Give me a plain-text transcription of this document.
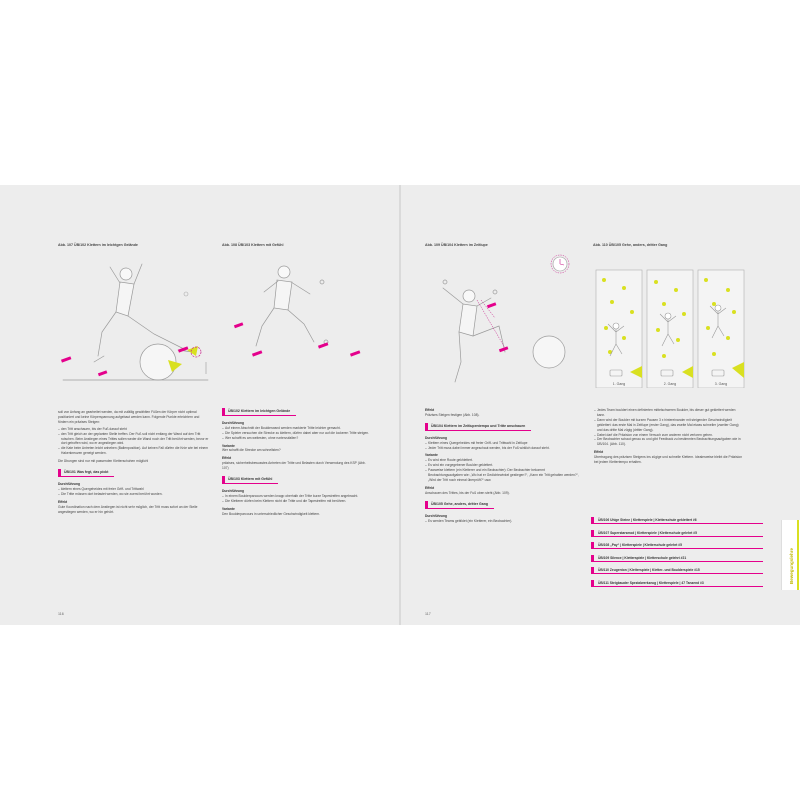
Abb. 107 ÜB/102 Klettern im leichtgen Gelände	Abb. 108 ÜB/103 Klettern mit Gefühl

soll von Anfang an gearbeitet werden, da mit zufällig gewählten Füßen der Körper nicht optimal positioniert und keine Körperspannung aufgebaut werden kann. Folgende Punkte erleichtern und fördern ein präzises Steigen:

– den Tritt anschauen, bis der Fuß darauf steht
– den Tritt gleich an der geplanten Stelle treffen. Der Fuß soll nicht entlang der Wand auf den Tritt rutschen. Beim Anstiegen eines Trittes sollen weder die Wand noch der Tritt berührt werden, bevor er dort getroffen wird, wo er angestiegen wird.
– die Kate beim Antreten leicht anheben (Ballenposition). Auf keinen Fall dürfen die Knie wie bei einem Hakenkreuzen geneigt werden.

Die Übungen sind nur mit passenden Kletterschuhen möglich!

ÜB/101 Was fegt, das pickt
Durchführung
– klettern eines Quergeheides mit freier Griff- und Trittwahl
– Die Tritte müssen dort belastet werden, wo sie zuerst berührt wurden.
Effekt

Gute Koordination nach dem Anstiegen ist nicht sehr möglich, der Tritt muss sofort an der Stelle angestiegen werden, wo er hin gehört.

ÜB/102 Klettern im leichtgen Gelände
Durchführung
– Auf einem Abschnitt der Boulderwand werden markierte Tritte leichter gemacht.
– Die Spieler versuchen die Strecke zu klettern, dürfen dabei aber nur auf die lockeren Tritte steigen.
– Wer schafft es am weitesten, ohne runterzufallen?
Variante

Wer schafft die Strecke am schnellsten?

Effekt

präzises, sicherheitsbewusstes Antreten der Tritte und Belasten durch Verwendung des KSP (Abb. 107)

ÜB/103 Klettern mit Gefühl
Durchführung
– In einem Boulderparcours werden knapp oberhalb der Tritte kurze Tapestreifen angebracht.
– Die Kletterer dürfen beim Klettern nicht die Tritte und die Tapestreifen mit berühren.
Variante

Den Boulderparcours in unterschiedlicher Geschwindigkeit klettern.

116
Abb. 109 ÜB/104 Klettern im Zeitlupe	Abb. 110 ÜB/105 Gehe, anders, dritter Gang
1. Gang	2. Gang	3. Gang
Effekt

Präzises Steigen festigen (Abb. 108).

ÜB/104 Klettern im Zeitlupentempo und Tritte anschauen
Durchführung
– Klettern eines Quergeheides mit freier Griff- und Trittwahl in Zeitlupe
– Jeder Tritt muss dabei immer angeschaut werden, bis der Fuß wirklich darauf steht.
Variante
– Es wird eine Route gekhlettert.
– Es wird ein vorgegebener Boulder geklettert.
– Paarweise klettern (ein Kletterer und ein Beobachter): Der Beobachter bekommt Beobachtungsaufgaben wie: „Wo hat er Gedichtewinkel gestiegen?“, „Kann ein Tritt gehalten werden?“, „Wird der Tritt noch einmal überprüft?“ usw.
Effekt

Anschauen des Trittes, bis der Fuß oben steht (Abb. 109).

ÜB/105 Gehe, anders, dritter Gang
Durchführung
– Es werden Teams gebildet (ein Kletterer, ein Beobachter).
– Jedes Team bouldert einen definierten mittelschweren Boulder, bis dieser gut geklettert werden kann.
– Dann wird der Boulder mit kurzen Pausen 3 x hintereinander mit steigender Geschwindigkeit geklettert: das erste Mal in Zeitlupe (erster Gang), das zweite Mal etwas schneller (zweiter Gang) und das dritte Mal zügig (dritter Gang).
– Dabei darf die Präzision von einem Versuch zum anderen nicht verloren gehen.
– Der Beobachter schaut genau zu und gibt Feedback zu bestimmten Beobachtungsaufgaben wie in ÜB/104. (Abb. 110).
Effekt

Übertragung des präzisen Steigens ins zügige und schnelle Klettern. Idealerweise bleibt die Präzision bei jedem Klettertempo erhalten.

ÜB/106 Uhige Steine | Kletterspiele | Kletterschule geklettert #6
ÜB/107 Superstarsmod | Kletterspiele | Kletterschule gelehrt #5
ÜB/108 „Pay“ | Kletterspiele | Kletterschule gelehrt #5
ÜB/109 Silence | Kletterspiele | Kletterschule gelehrt #21
ÜB/110 Zeugenton | Kletterspiele | Kletter- und Boulderspiele #15
ÜB/111 Steigbauder Spezialwerkzeug | Kletterspiele | 47 Tanzend #3
117
Bewegungslehre
